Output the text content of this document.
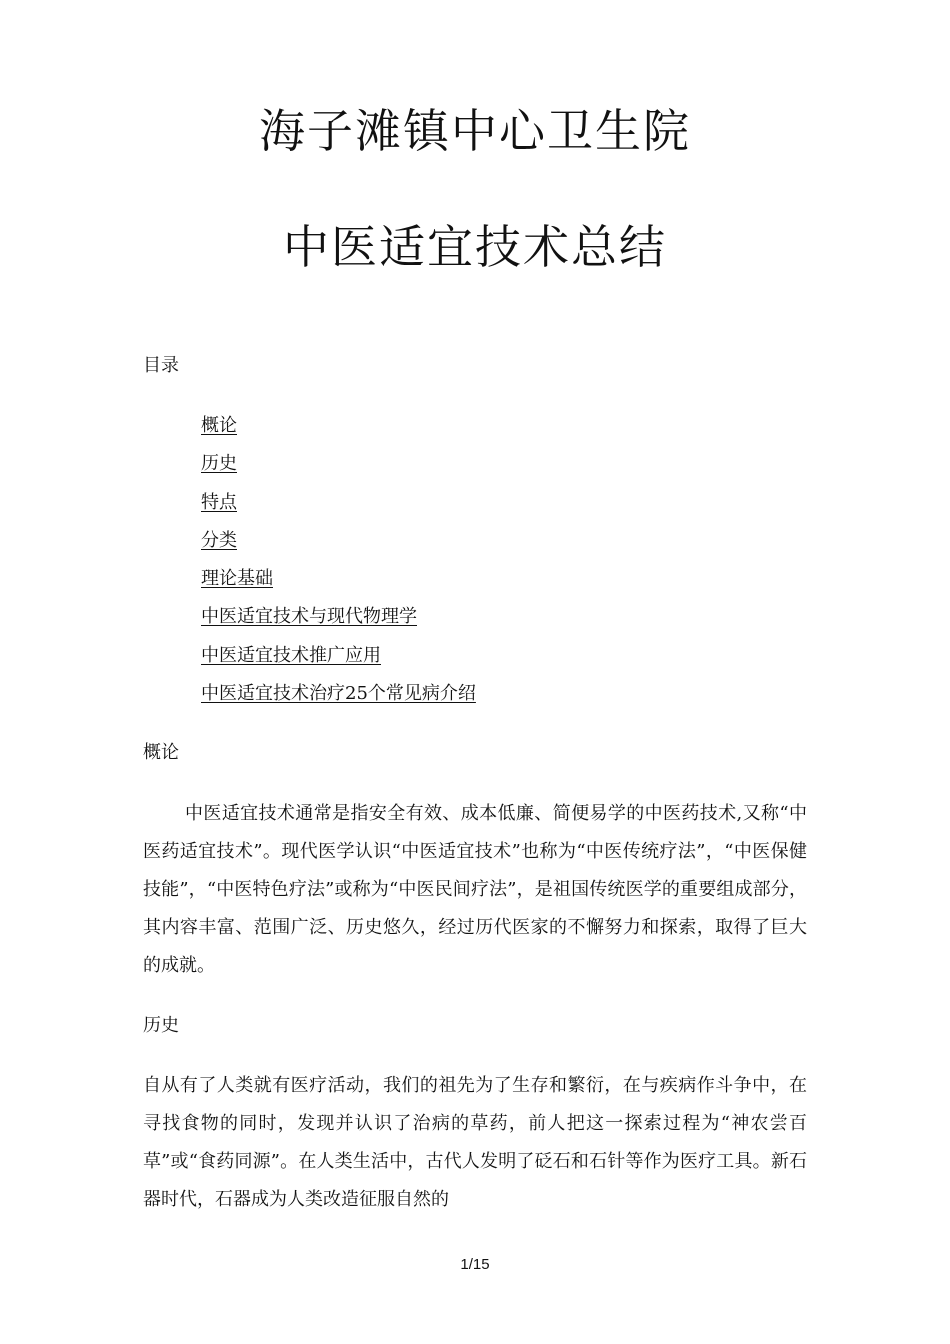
海子滩镇中心卫生院
中医适宜技术总结
目录
概论
历史
特点
分类
理论基础
中医适宜技术与现代物理学
中医适宜技术推广应用
中医适宜技术治疗25个常见病介绍
概论

中医适宜技术通常是指安全有效、成本低廉、简便易学的中医药技术,又称“中医药适宜技术”。现代医学认识“中医适宜技术”也称为“中医传统疗法”，“中医保健技能”，“中医特色疗法”或称为“中医民间疗法”，是祖国传统医学的重要组成部分，其内容丰富、范围广泛、历史悠久，经过历代医家的不懈努力和探索，取得了巨大的成就。

历史

自从有了人类就有医疗活动，我们的祖先为了生存和繁衍，在与疾病作斗争中，在寻找食物的同时，发现并认识了治病的草药，前人把这一探索过程为“神农尝百草”或“食药同源”。在人类生活中，古代人发明了砭石和石针等作为医疗工具。新石器时代，石器成为人类改造征服自然的

1/15
